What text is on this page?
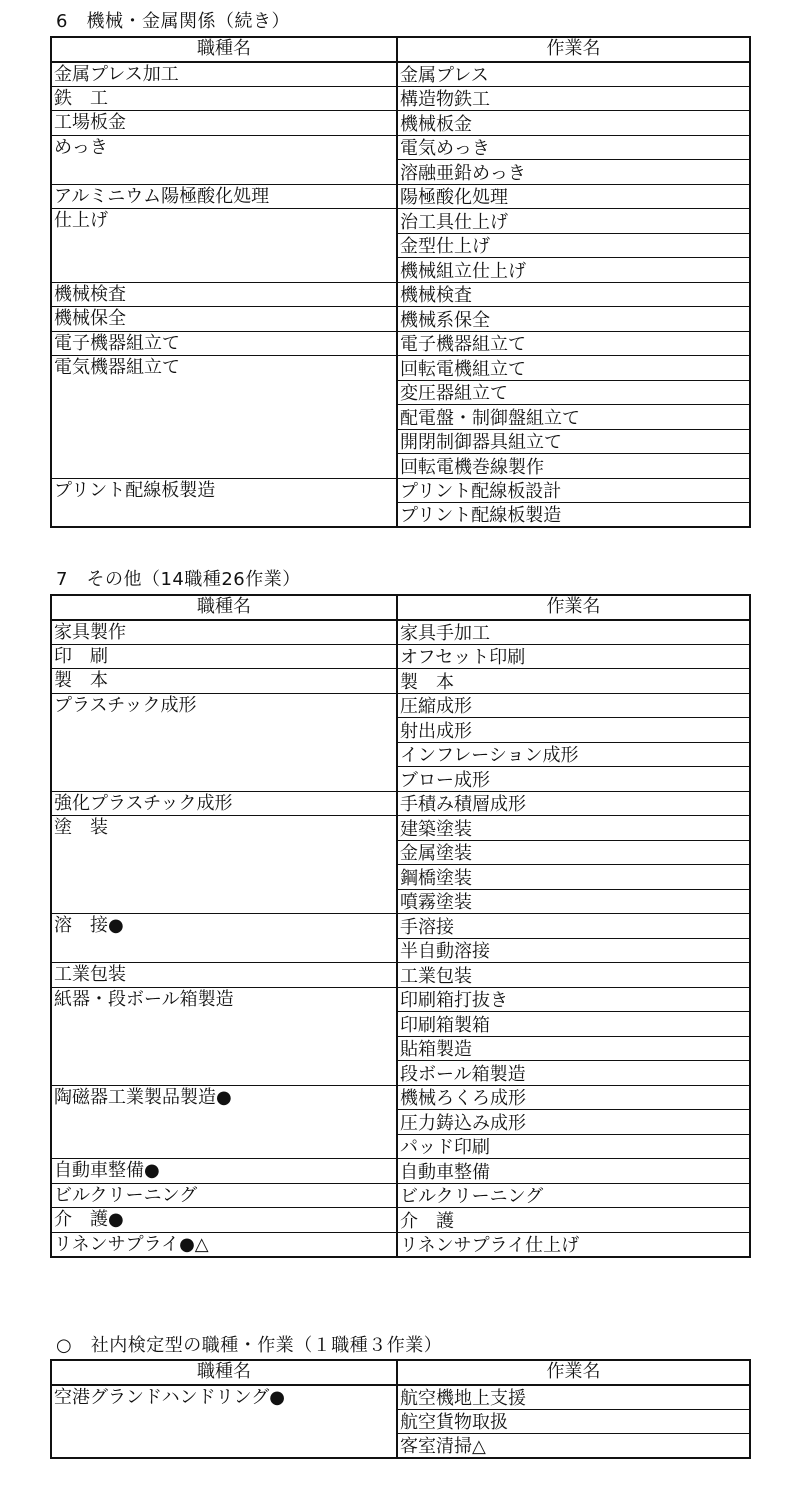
6　機械・金属関係（続き）
職種名	作業名
金属プレス加工	金属プレス
鉄　工	構造物鉄工
工場板金	機械板金
めっき	電気めっき
	溶融亜鉛めっき
アルミニウム陽極酸化処理	陽極酸化処理
仕上げ	治工具仕上げ
	金型仕上げ
	機械組立仕上げ
機械検査	機械検査
機械保全	機械系保全
電子機器組立て	電子機器組立て
電気機器組立て	回転電機組立て
	変圧器組立て
	配電盤・制御盤組立て
	開閉制御器具組立て
	回転電機巻線製作
プリント配線板製造	プリント配線板設計
	プリント配線板製造
7　その他（14職種26作業）
職種名	作業名
家具製作	家具手加工
印　刷	オフセット印刷
製　本	製　本
プラスチック成形	圧縮成形
	射出成形
	インフレーション成形
	ブロー成形
強化プラスチック成形	手積み積層成形
塗　装	建築塗装
	金属塗装
	鋼橋塗装
	噴霧塗装
溶　接●	手溶接
	半自動溶接
工業包装	工業包装
紙器・段ボール箱製造	印刷箱打抜き
	印刷箱製箱
	貼箱製造
	段ボール箱製造
陶磁器工業製品製造●	機械ろくろ成形
	圧力鋳込み成形
	パッド印刷
自動車整備●	自動車整備
ビルクリーニング	ビルクリーニング
介　護●	介　護
リネンサプライ●△	リネンサプライ仕上げ
○　社内検定型の職種・作業（１職種３作業）
職種名	作業名
空港グランドハンドリング●	航空機地上支援
	航空貨物取扱
	客室清掃△
